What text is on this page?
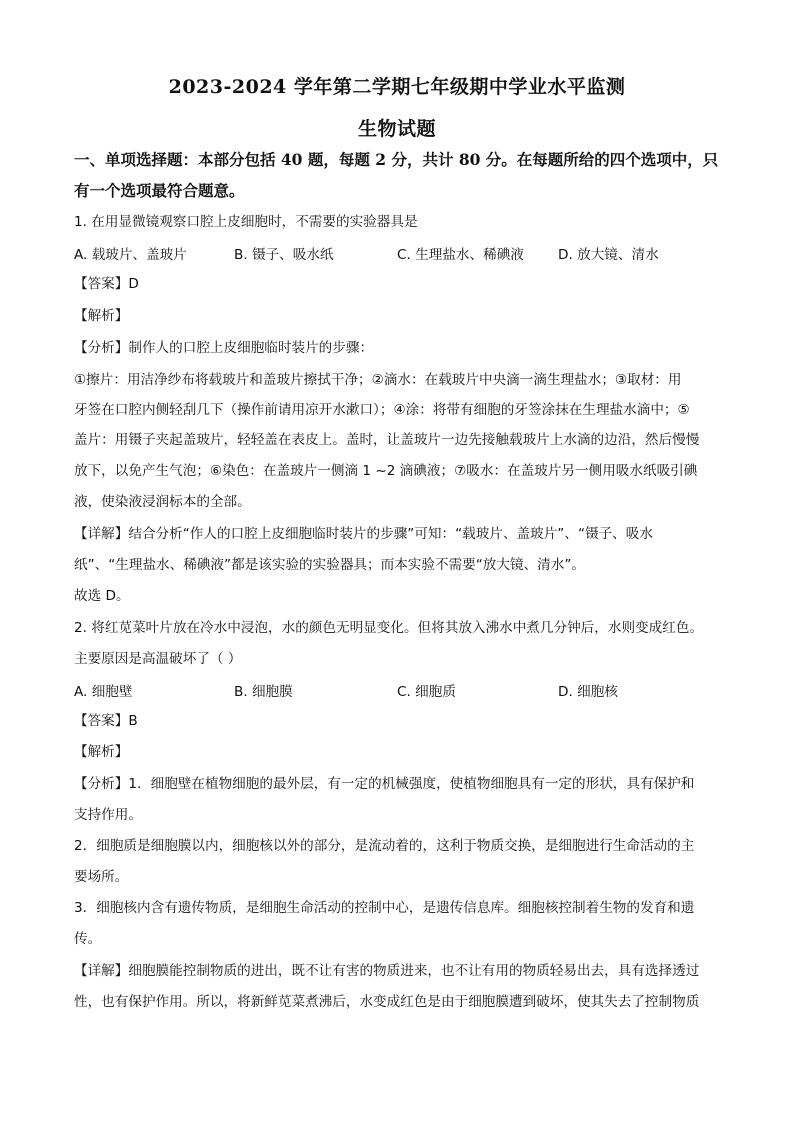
2023-2024 学年第二学期七年级期中学业水平监测
生物试题
一、单项选择题：本部分包括 40 题，每题 2 分，共计 80 分。在每题所给的四个选项中，只
有一个选项最符合题意。
1. 在用显微镜观察口腔上皮细胞时，不需要的实验器具是
A. 载玻片、盖玻片	B. 镊子、吸水纸	C. 生理盐水、稀碘液	D. 放大镜、清水
【答案】D
【解析】
【分析】制作人的口腔上皮细胞临时装片的步骤：
①擦片：用洁净纱布将载玻片和盖玻片擦拭干净；②滴水：在载玻片中央滴一滴生理盐水；③取材：用
牙签在口腔内侧轻刮几下（操作前请用凉开水漱口）；④涂：将带有细胞的牙签涂抹在生理盐水滴中；⑤
盖片：用镊子夹起盖玻片，轻轻盖在表皮上。盖时，让盖玻片一边先接触载玻片上水滴的边沿，然后慢慢
放下，以免产生气泡；⑥染色：在盖玻片一侧滴 1 ~2 滴碘液；⑦吸水：在盖玻片另一侧用吸水纸吸引碘
液，使染液浸润标本的全部。
【详解】结合分析“作人的口腔上皮细胞临时装片的步骤”可知：“载玻片、盖玻片”、“镊子、吸水
纸”、“生理盐水、稀碘液”都是该实验的实验器具；而本实验不需要“放大镜、清水”。
故选 D。
2. 将红苋菜叶片放在冷水中浸泡，水的颜色无明显变化。但将其放入沸水中煮几分钟后，水则变成红色。
主要原因是高温破坏了（ ）
A. 细胞壁	B. 细胞膜	C. 细胞质	D. 细胞核
【答案】B
【解析】
【分析】1．细胞壁在植物细胞的最外层，有一定的机械强度，使植物细胞具有一定的形状，具有保护和
支持作用。
2．细胞质是细胞膜以内，细胞核以外的部分，是流动着的，这利于物质交换，是细胞进行生命活动的主
要场所。
3．细胞核内含有遗传物质，是细胞生命活动的控制中心，是遗传信息库。细胞核控制着生物的发育和遗
传。
【详解】细胞膜能控制物质的进出，既不让有害的物质进来，也不让有用的物质轻易出去，具有选择透过
性，也有保护作用。所以，将新鲜苋菜煮沸后，水变成红色是由于细胞膜遭到破坏，使其失去了控制物质
